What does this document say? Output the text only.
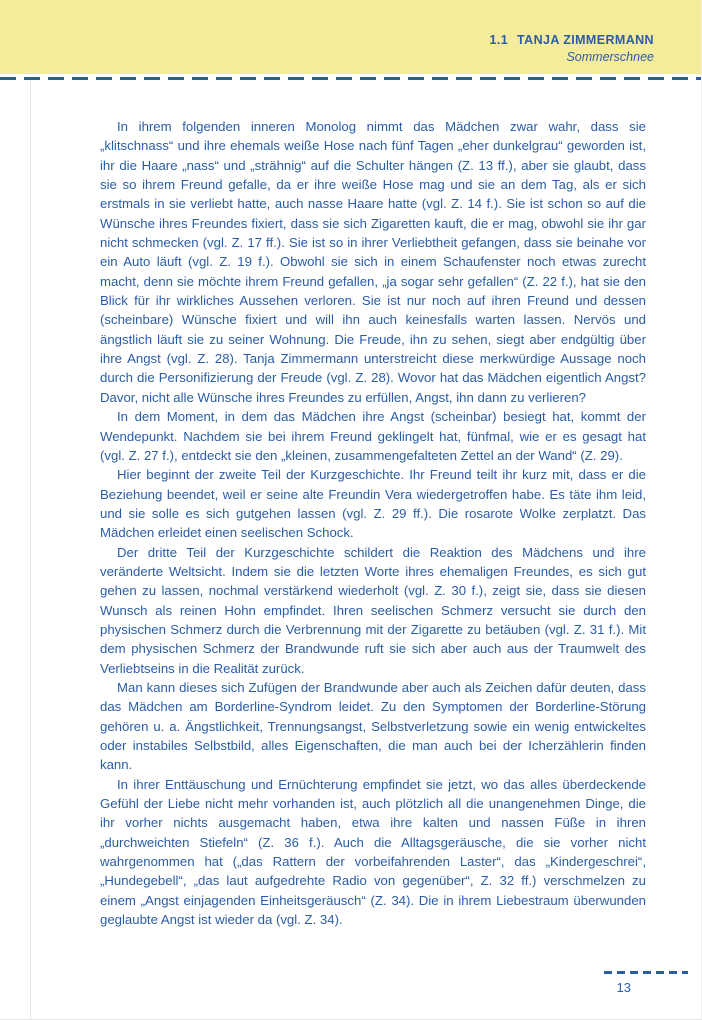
1.1 TANJA ZIMMERMANN
Sommerschnee

In ihrem folgenden inneren Monolog nimmt das Mädchen zwar wahr, dass sie „klitschnass“ und ihre ehemals weiße Hose nach fünf Tagen „eher dunkelgrau“ geworden ist, ihr die Haare „nass“ und „strähnig“ auf die Schulter hängen (Z. 13 ff.), aber sie glaubt, dass sie so ihrem Freund gefalle, da er ihre weiße Hose mag und sie an dem Tag, als er sich erstmals in sie verliebt hatte, auch nasse Haare hatte (vgl. Z. 14 f.). Sie ist schon so auf die Wünsche ihres Freundes fixiert, dass sie sich Zigaretten kauft, die er mag, obwohl sie ihr gar nicht schmecken (vgl. Z. 17 ff.). Sie ist so in ihrer Verliebtheit gefangen, dass sie beinahe vor ein Auto läuft (vgl. Z. 19 f.). Obwohl sie sich in einem Schaufenster noch etwas zurecht macht, denn sie möchte ihrem Freund gefallen, „ja sogar sehr gefallen“ (Z. 22 f.), hat sie den Blick für ihr wirkliches Aussehen verloren. Sie ist nur noch auf ihren Freund und dessen (scheinbare) Wünsche fixiert und will ihn auch keinesfalls warten lassen. Nervös und ängstlich läuft sie zu seiner Wohnung. Die Freude, ihn zu sehen, siegt aber endgültig über ihre Angst (vgl. Z. 28). Tanja Zimmermann unterstreicht diese merkwürdige Aussage noch durch die Personifizierung der Freude (vgl. Z. 28). Wovor hat das Mädchen eigentlich Angst? Davor, nicht alle Wünsche ihres Freundes zu erfüllen, Angst, ihn dann zu verlieren?

In dem Moment, in dem das Mädchen ihre Angst (scheinbar) besiegt hat, kommt der Wendepunkt. Nachdem sie bei ihrem Freund geklingelt hat, fünfmal, wie er es gesagt hat (vgl. Z. 27 f.), entdeckt sie den „kleinen, zusammengefalteten Zettel an der Wand“ (Z. 29).

Hier beginnt der zweite Teil der Kurzgeschichte. Ihr Freund teilt ihr kurz mit, dass er die Beziehung beendet, weil er seine alte Freundin Vera wiedergetroffen habe. Es täte ihm leid, und sie solle es sich gutgehen lassen (vgl. Z. 29 ff.). Die rosarote Wolke zerplatzt. Das Mädchen erleidet einen seelischen Schock.

Der dritte Teil der Kurzgeschichte schildert die Reaktion des Mädchens und ihre veränderte Weltsicht. Indem sie die letzten Worte ihres ehemaligen Freundes, es sich gut gehen zu lassen, nochmal verstärkend wiederholt (vgl. Z. 30 f.), zeigt sie, dass sie diesen Wunsch als reinen Hohn empfindet. Ihren seelischen Schmerz versucht sie durch den physischen Schmerz durch die Verbrennung mit der Zigarette zu betäuben (vgl. Z. 31 f.). Mit dem physischen Schmerz der Brandwunde ruft sie sich aber auch aus der Traumwelt des Verliebtseins in die Realität zurück.

Man kann dieses sich Zufügen der Brandwunde aber auch als Zeichen dafür deuten, dass das Mädchen am Borderline-Syndrom leidet. Zu den Symptomen der Borderline-Störung gehören u. a. Ängstlichkeit, Trennungsangst, Selbstverletzung sowie ein wenig entwickeltes oder instabiles Selbstbild, alles Eigenschaften, die man auch bei der Icherzählerin finden kann.

In ihrer Enttäuschung und Ernüchterung empfindet sie jetzt, wo das alles überdeckende Gefühl der Liebe nicht mehr vorhanden ist, auch plötzlich all die unangenehmen Dinge, die ihr vorher nichts ausgemacht haben, etwa ihre kalten und nassen Füße in ihren „durchweichten Stiefeln“ (Z. 36 f.). Auch die Alltagsgeräusche, die sie vorher nicht wahrgenommen hat („das Rattern der vorbeifahrenden Laster“, das „Kindergeschrei“, „Hundegebell“, „das laut aufgedrehte Radio von gegenüber“, Z. 32 ff.) verschmelzen zu einem „Angst einjagenden Einheitsgeräusch“ (Z. 34). Die in ihrem Liebestraum überwunden geglaubte Angst ist wieder da (vgl. Z. 34).

13
